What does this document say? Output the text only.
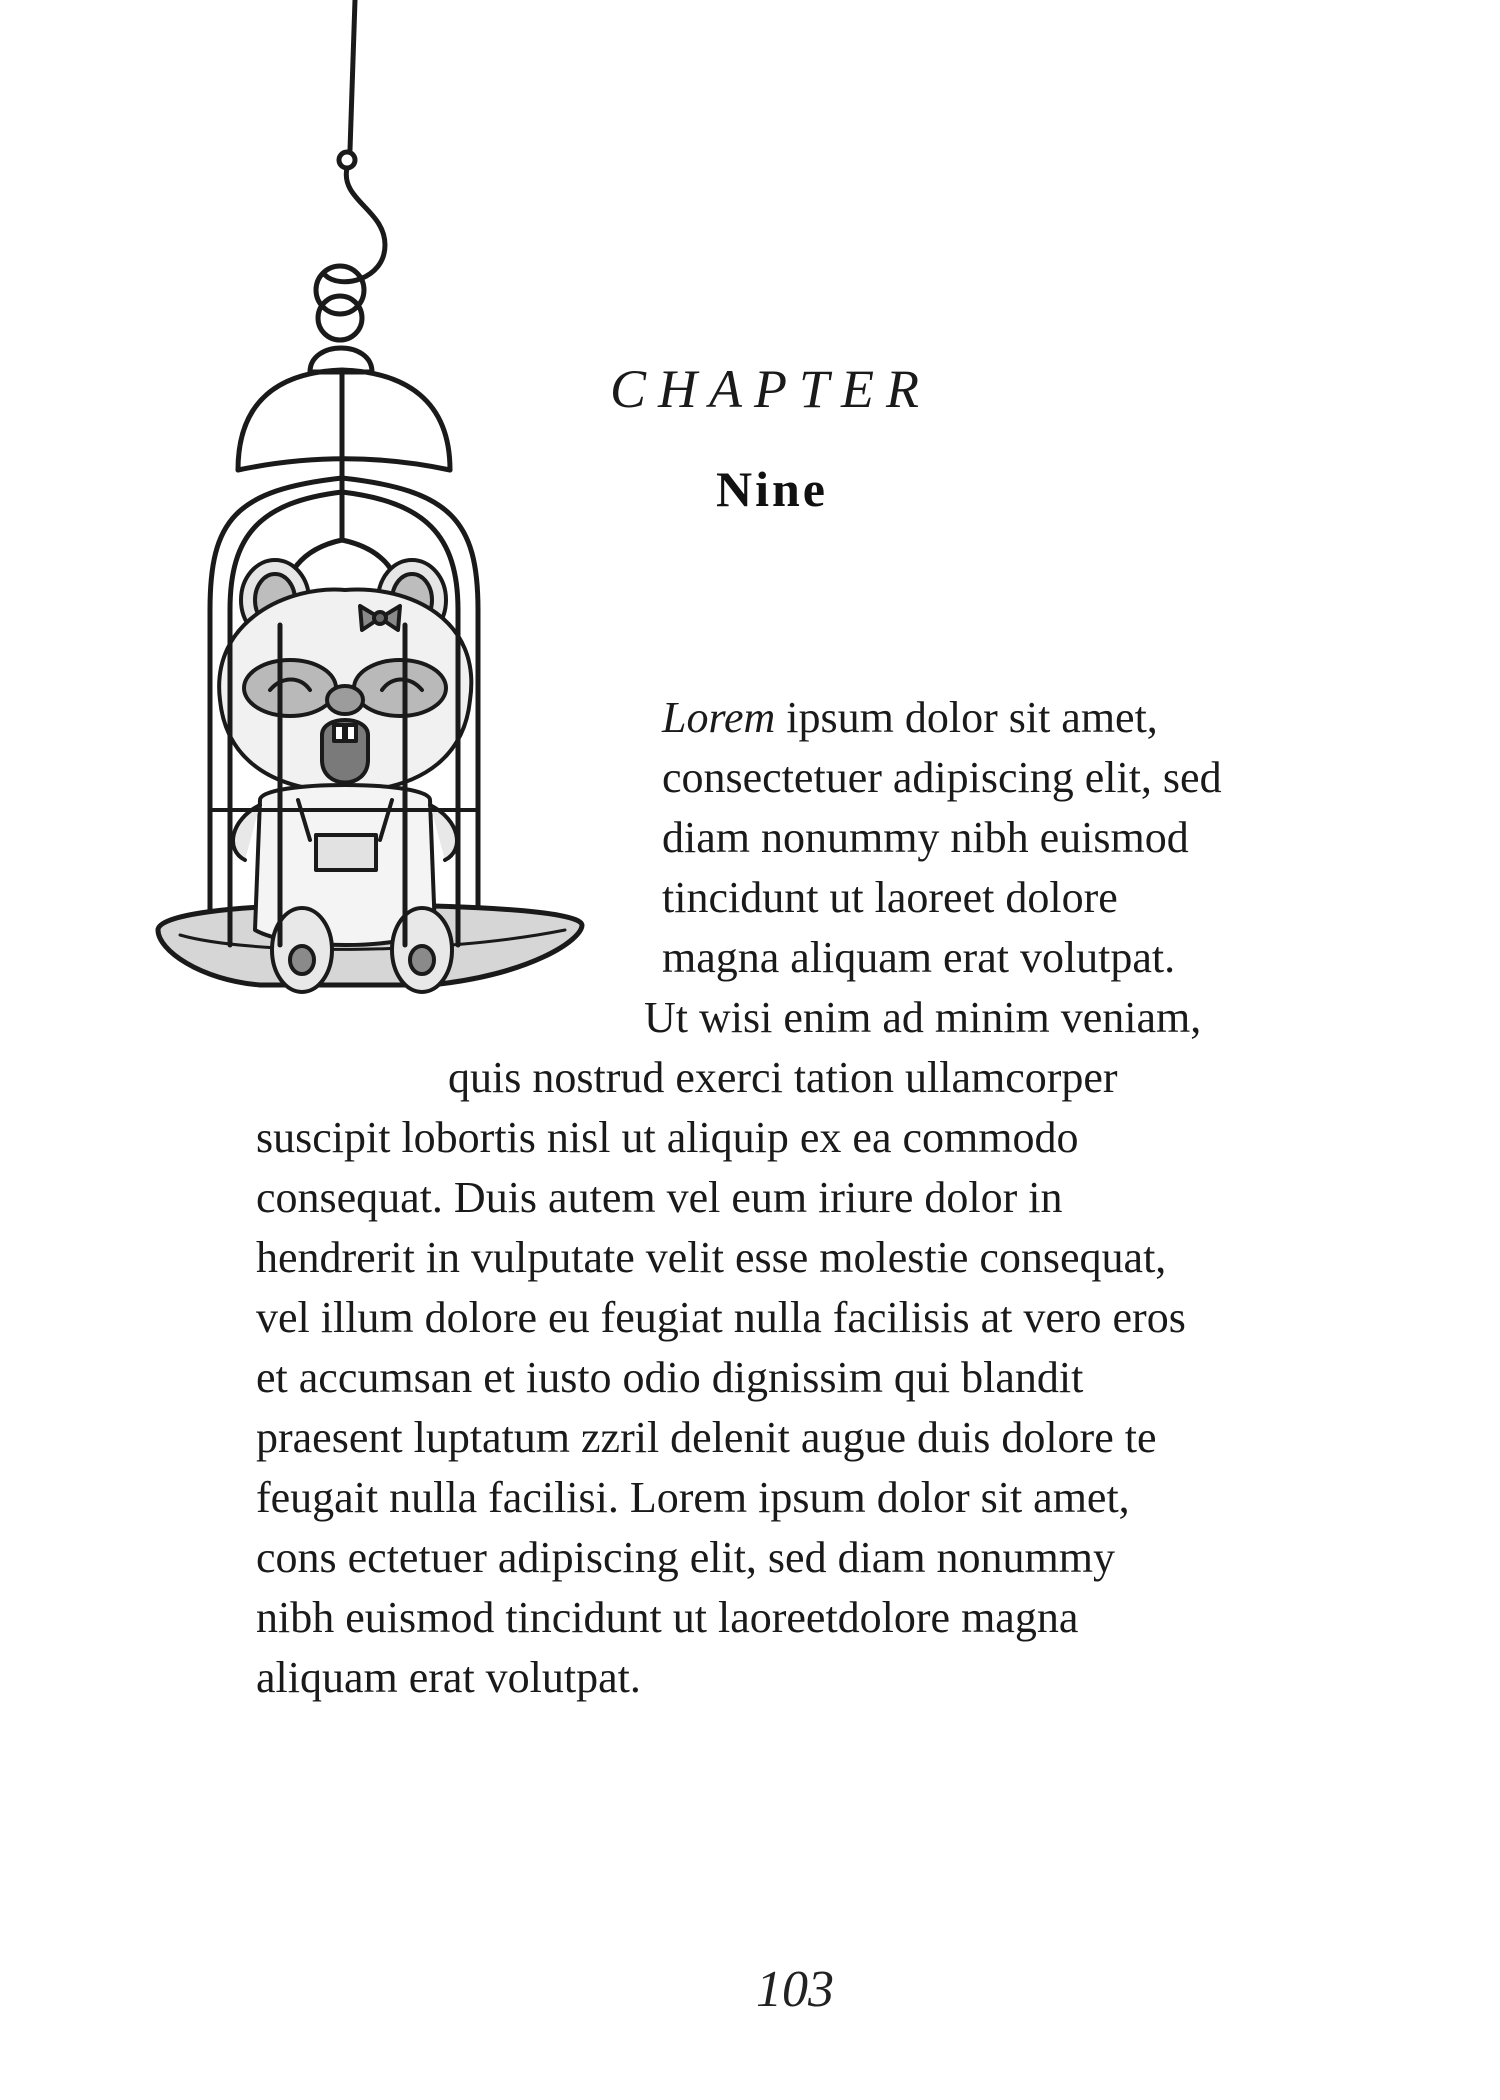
CHAPTER
Nine
Lorem ipsum dolor sit amet,
consectetuer adipiscing elit, sed
diam nonummy nibh euismod
tincidunt ut laoreet dolore
magna aliquam erat volutpat.
Ut wisi enim ad minim veniam,
quis nostrud exerci tation ullamcorper
suscipit lobortis nisl ut aliquip ex ea commodo
consequat. Duis autem vel eum iriure dolor in
hendrerit in vulputate velit esse molestie consequat,
vel illum dolore eu feugiat nulla facilisis at vero eros
et accumsan et iusto odio dignissim qui blandit
praesent luptatum zzril delenit augue duis dolore te
feugait nulla facilisi. Lorem ipsum dolor sit amet,
cons ectetuer adipiscing elit, sed diam nonummy
nibh euismod tincidunt ut laoreetdolore magna
aliquam erat volutpat.
103
